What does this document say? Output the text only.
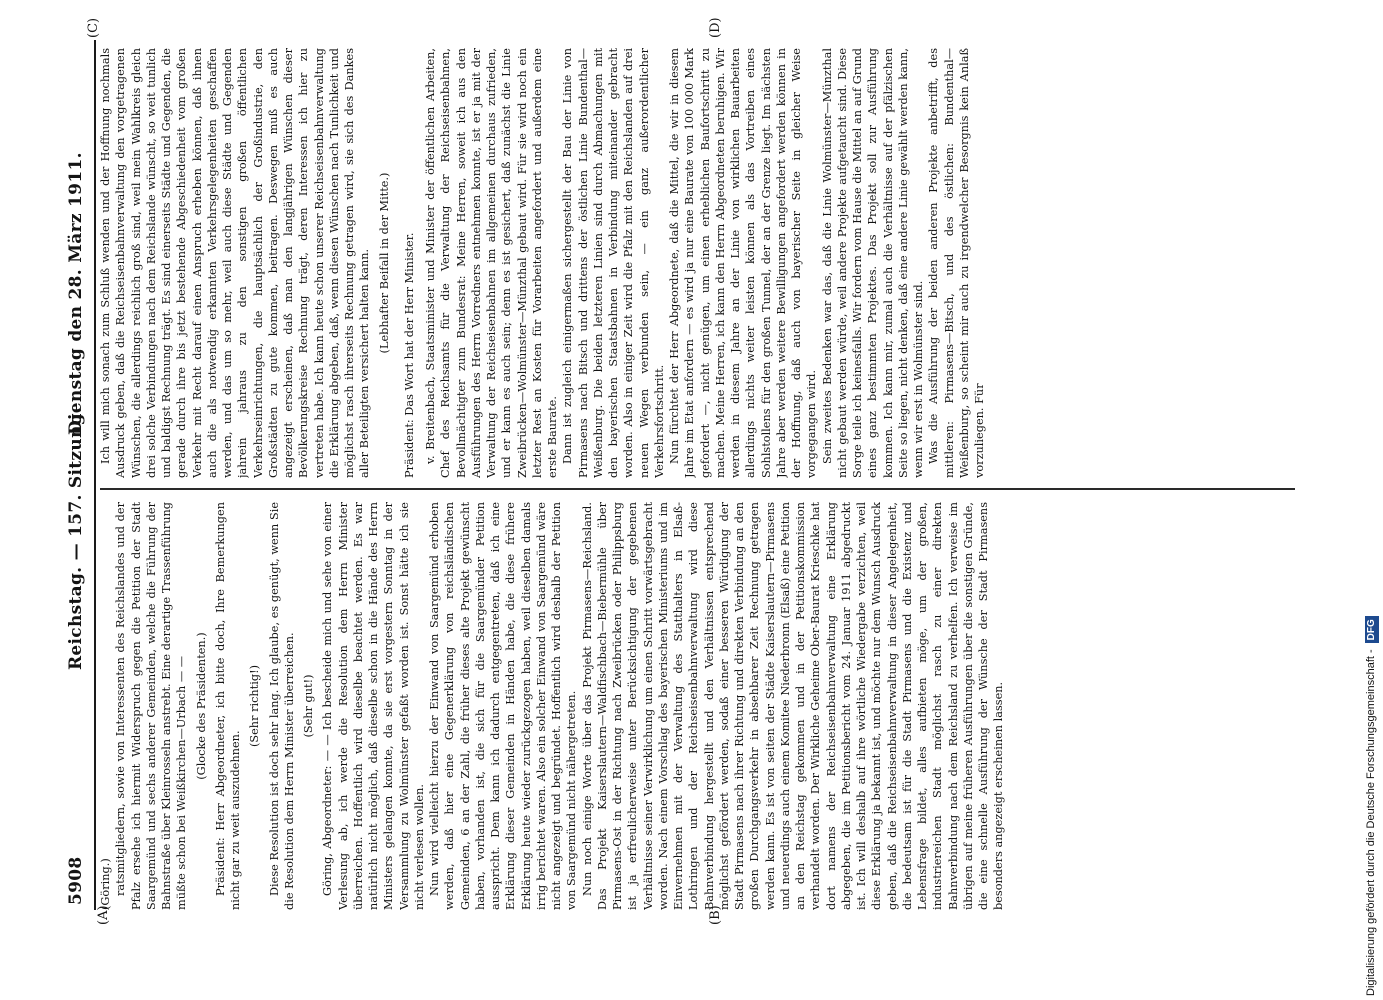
5908
Reichstag. — 157. Sitzung.
Dienstag den 28. März 1911.
(A)	(B)
(C)	(D)

(Göring.) ratsmitgliedern, sowie von Interessenten des Reichslandes und der Pfalz ersehe ich hiermit Widerspruch gegen die Petition der Stadt Saargemünd und sechs anderer Gemeinden, welche die Führung der Bahnstraße über Kleinrosseln anstrebt. Eine derartige Trassenführung müßte schon bei Weißkirchen—Urbach — — (Glocke des Präsidenten.) Präsident: Herr Abgeordneter, ich bitte doch, Ihre Bemerkungen nicht gar zu weit auszudehnen.

(Sehr richtig!) Diese Resolution ist doch sehr lang. Ich glaube, es genügt, wenn Sie die Resolution dem Herrn Minister überreichen. (Sehr gut!) Göring, Abgeordneter: — — Ich bescheide mich und sehe von einer Verlesung ab, ich werde die Resolution dem Herrn Minister überreichen. Hoffentlich wird dieselbe beachtet werden. Es war natürlich nicht möglich, daß dieselbe schon in die Hände des Herrn Ministers gelangen konnte, da sie erst vorgestern Sonntag in der Versammlung zu Wolmünster gefaßt worden ist. Sonst hätte ich sie nicht verlesen wollen. Nun wird vielleicht hierzu der Einwand von Saargemünd erhoben werden, daß hier eine Gegenerklärung von reichsländischen Gemeinden, 6 an der Zahl, die früher dieses alte Projekt gewünscht haben, vorhanden ist, die sich für die Saargemünder Petition ausspricht. Dem kann ich dadurch entgegentreten, daß ich eine Erklärung dieser Gemeinden in Händen habe, die diese frühere Erklärung heute wieder zurückgezogen haben, weil dieselben damals irrig berichtet waren. Also ein solcher Einwand von Saargemünd wäre nicht angezeigt und begründet. Hoffentlich wird deshalb der Petition von Saargemünd nicht nähergetreten. Nun noch einige Worte über das Projekt Pirmasens—Reichsland. Das Projekt Kaiserslautern—Waldfischbach—Biebermühle über Pirmasens-Ost in der Richtung nach Zweibrücken oder Philippsburg ist ja erfreulicherweise unter Berücksichtigung der gegebenen Verhältnisse seiner Verwirklichung um einen Schritt vorwärtsgebracht worden. Nach einem Vorschlag des bayerischen Ministeriums und im Einvernehmen mit der Verwaltung des Statthalters in Elsaß-Lothringen und der Reichseisenbahnverwaltung wird diese Bahnverbindung hergestellt und den Verhältnissen entsprechend möglichst gefördert werden, sodaß einer besseren Würdigung der Stadt Pirmasens nach ihrer Richtung und direkten Verbindung an den großen Durchgangsverkehr in absehbarer Zeit Rechnung getragen werden kann. Es ist von seiten der Städte Kaiserslautern—Pirmasens und neuerdings auch einem Komitee Niederbronn (Elsaß) eine Petition an den Reichstag gekommen und in der Petitionskommission verhandelt worden. Der Wirkliche Geheime Ober-Baurat Krieschke hat dort namens der Reichseisenbahnverwaltung eine Erklärung abgegeben, die im Petitionsbericht vom 24. Januar 1911 abgedruckt ist. Ich will deshalb auf ihre wörtliche Wiedergabe verzichten, weil diese Erklärung ja bekannt ist, und möchte nur dem Wunsch Ausdruck geben, daß die Reichseisenbahnverwaltung in dieser Angelegenheit, die bedeutsam ist für die Stadt Pirmasens und die Existenz und Lebensfrage bildet, alles aufbieten möge, um der großen, industriereichen Stadt möglichst rasch zu einer direkten Bahnverbindung nach dem Reichsland zu verhelfen. Ich verweise im übrigen auf meine früheren Ausführungen über die sonstigen Gründe, die eine schnelle Ausführung der Wünsche der Stadt Pirmasens besonders angezeigt erscheinen lassen.

Ich will mich sonach zum Schluß wenden und der Hoffnung nochmals Ausdruck geben, daß die Reichseisenbahnverwaltung den vorgetragenen Wünschen, die allerdings reichlich groß sind, weil mein Wahlkreis gleich drei solche Verbindungen nach dem Reichslande wünscht, so weit tunlich und baldigst Rechnung trägt. Es sind einerseits Städte und Gegenden, die gerade durch ihre bis jetzt bestehende Abgeschiedenheit vom großen Verkehr mit Recht darauf einen Anspruch erheben können, daß ihnen auch die als notwendig erkannten Verkehrsgelegenheiten geschaffen werden, und das um so mehr, weil auch diese Städte und Gegenden jahrein jahraus zu den sonstigen großen öffentlichen Verkehrseinrichtungen, die hauptsächlich der Großindustrie, den Großstädten zu gute kommen, beitragen. Deswegen muß es auch angezeigt erscheinen, daß man den langjährigen Wünschen dieser Bevölkerungskreise Rechnung trägt, deren Interessen ich hier zu vertreten habe. Ich kann heute schon unserer Reichseisenbahnverwaltung die Erklärung abgeben, daß, wenn diesen Wünschen nach Tunlichkeit und möglichst rasch ihrerseits Rechnung getragen wird, sie sich des Dankes aller Beteiligten versichert halten kann. (Lebhafter Beifall in der Mitte.) Präsident: Das Wort hat der Herr Minister. v. Breitenbach, Staatsminister und Minister der öffentlichen Arbeiten, Chef des Reichsamts für die Verwaltung der Reichseisenbahnen, Bevollmächtigter zum Bundesrat: Meine Herren, soweit ich aus den Ausführungen des Herrn Vorredners entnehmen konnte, ist er ja mit der Verwaltung der Reichseisenbahnen im allgemeinen durchaus zufrieden, und er kann es auch sein; denn es ist gesichert, daß zunächst die Linie Zweibrücken—Wolmünster—Münzthal gebaut wird. Für sie wird noch ein letzter Rest an Kosten für Vorarbeiten angefordert und außerdem eine erste Baurate. Dann ist zugleich einigermaßen sichergestellt der Bau der Linie von Pirmasens nach Bitsch und drittens der östlichen Linie Bundenthal—Weißenburg. Die beiden letzteren Linien sind durch Abmachungen mit den bayerischen Staatsbahnen in Verbindung miteinander gebracht worden. Also in einiger Zeit wird die Pfalz mit den Reichslanden auf drei neuen Wegen verbunden sein, — ein ganz außerordentlicher Verkehrsfortschritt. Nun fürchtet der Herr Abgeordnete, daß die Mittel, die wir in diesem Jahre im Etat anfordern — es wird ja nur eine Baurate von 100 000 Mark gefordert —, nicht genügen, um einen erheblichen Baufortschritt zu machen. Meine Herren, ich kann den Herrn Abgeordneten beruhigen. Wir werden in diesem Jahre an der Linie von wirklichen Bauarbeiten allerdings nichts weiter leisten können als das Vortreiben eines Sohlstollens für den großen Tunnel, der an der Grenze liegt. Im nächsten Jahre aber werden weitere Bewilligungen angefordert werden können in der Hoffnung, daß auch von bayerischer Seite in gleicher Weise vorgegangen wird. Sein zweites Bedenken war das, daß die Linie Wolmünster—Münzthal nicht gebaut werden würde, weil andere Projekte aufgetaucht sind. Diese Sorge teile ich keinesfalls. Wir fordern vom Hause die Mittel an auf Grund eines ganz bestimmten Projektes. Das Projekt soll zur Ausführung kommen. Ich kann mir, zumal auch die Verhältnisse auf der pfälzischen Seite so liegen, nicht denken, daß eine andere Linie gewählt werden kann, wenn wir erst in Wolmünster sind. Was die Ausführung der beiden anderen Projekte anbetrifft, des mittleren: Pirmasens—Bitsch, und des östlichen: Bundenthal—Weißenburg, so scheint mir auch zu irgendwelcher Besorgnis kein Anlaß vorzuliegen. Für

Digitalisierung gefördert durch die Deutsche Forschungsgemeinschaft -DFG
